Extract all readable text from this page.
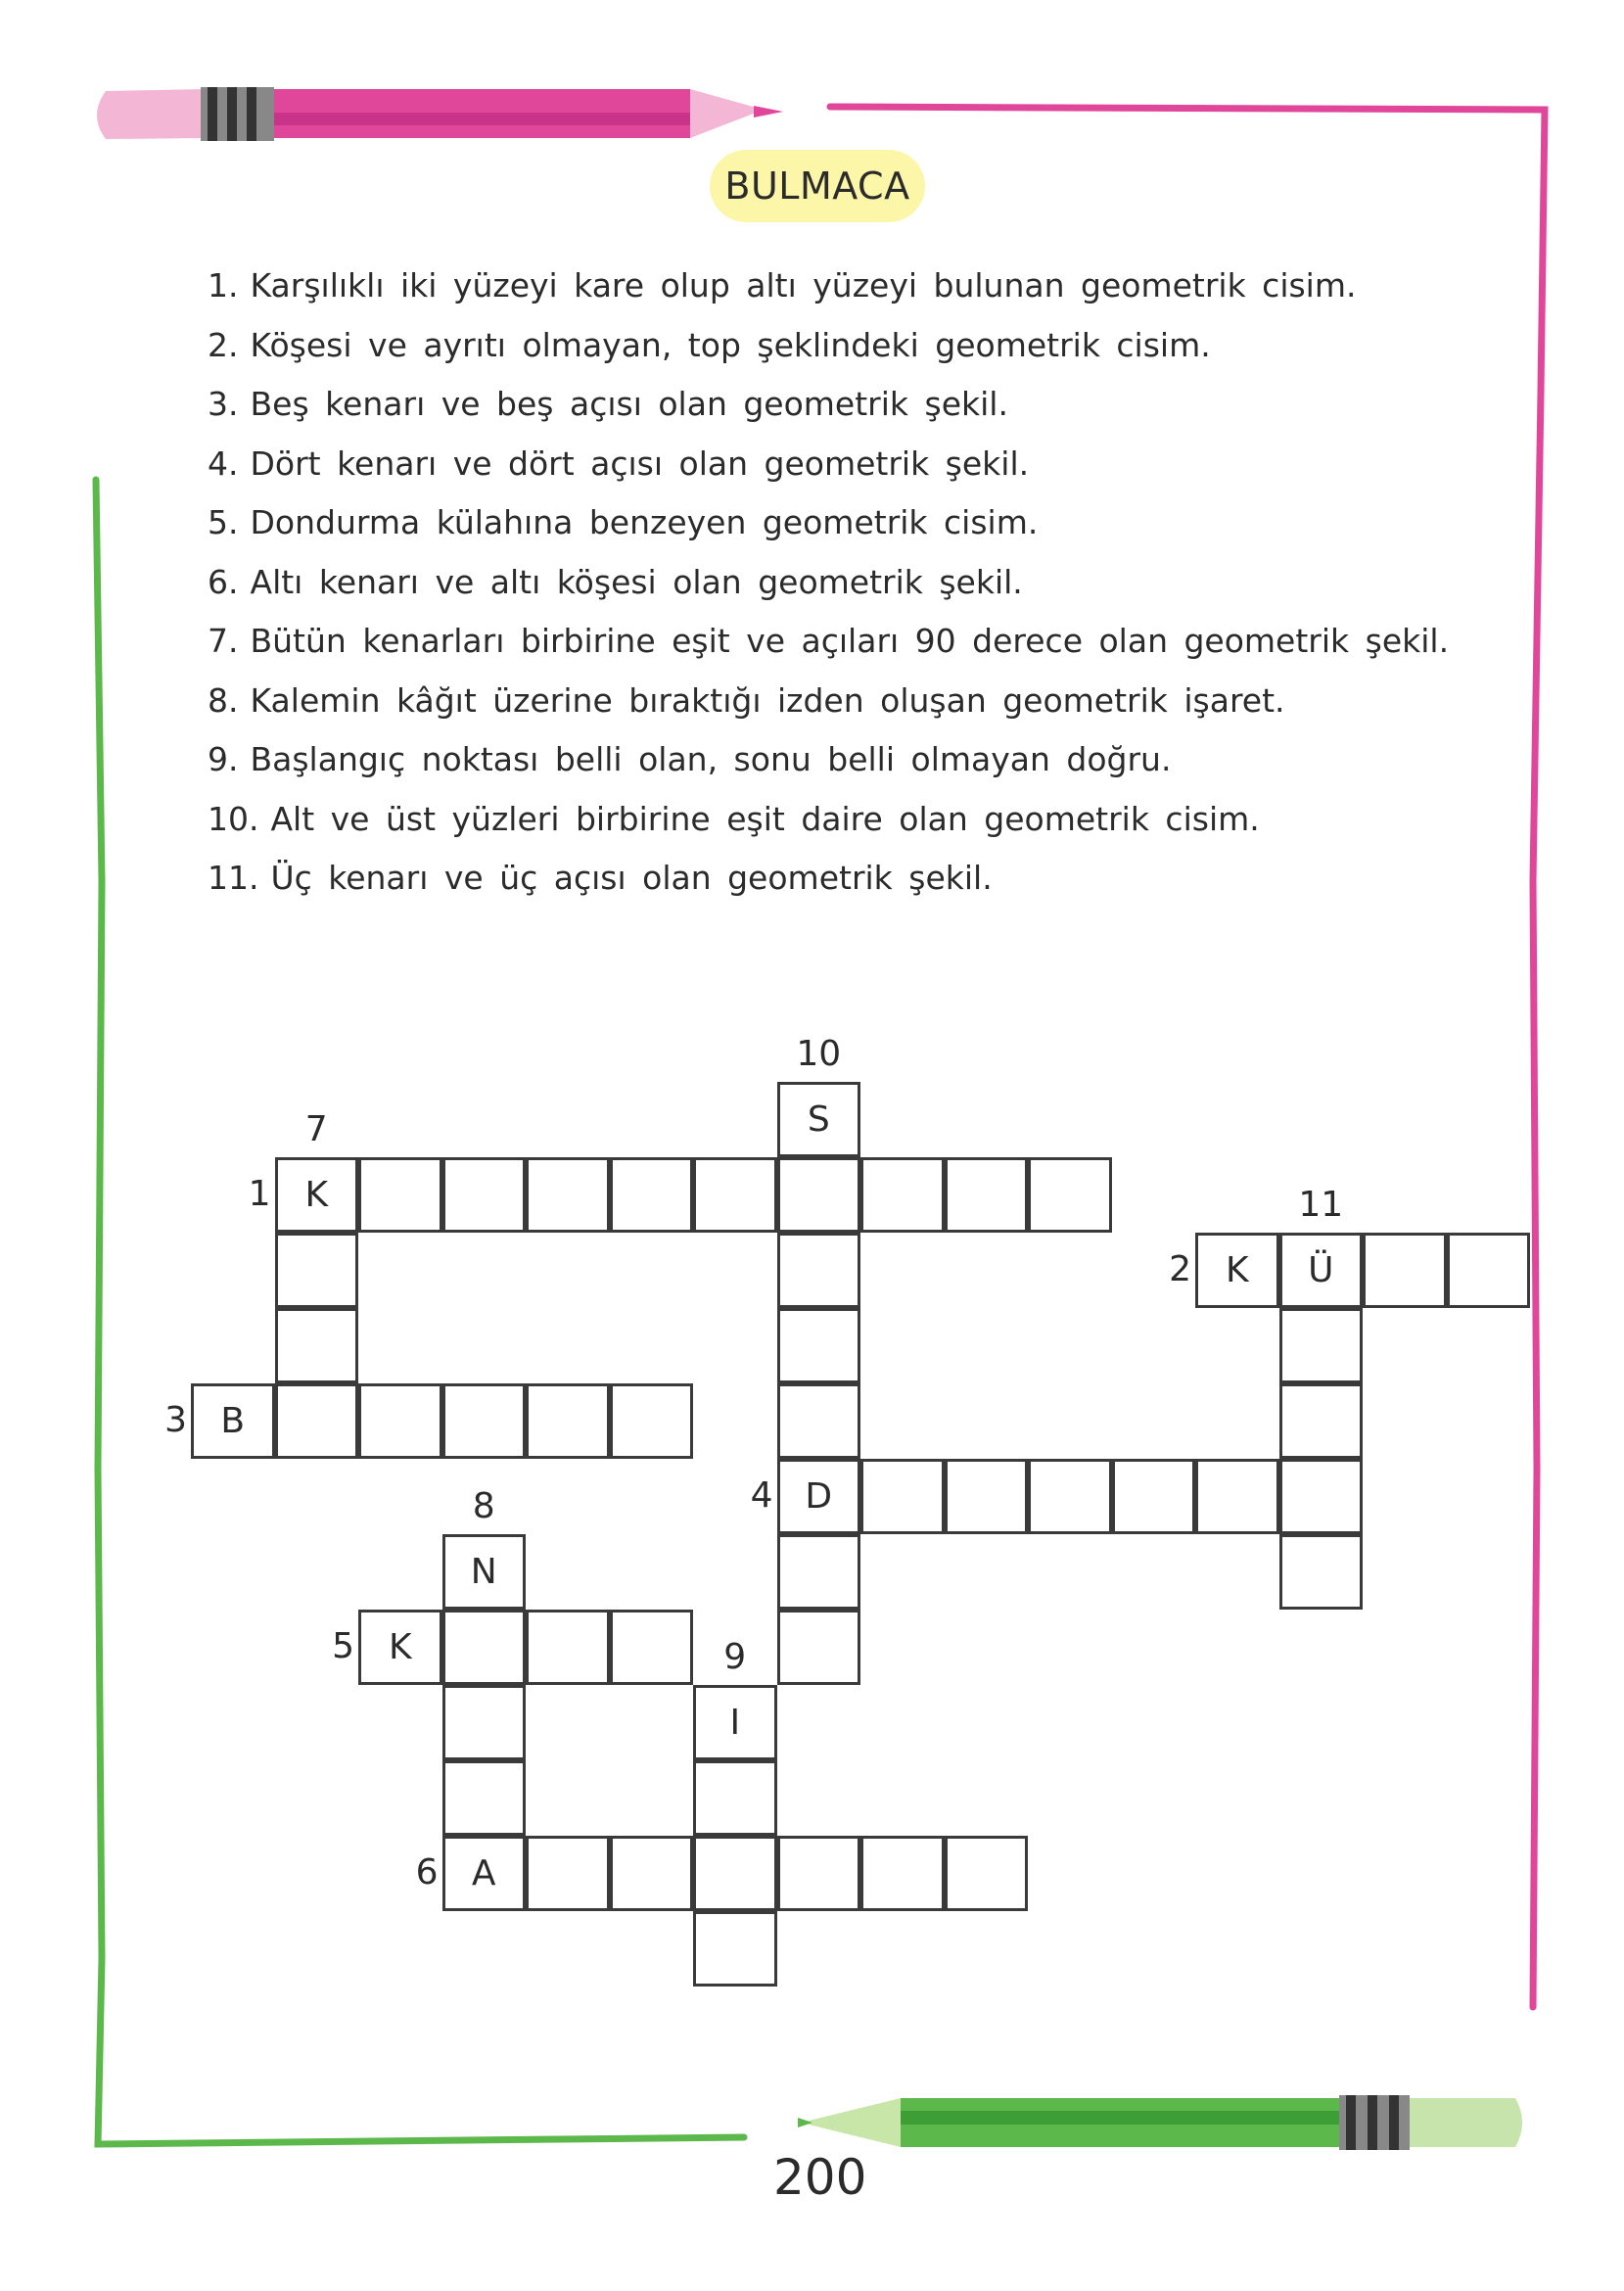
BULMACA
1. Karşılıklı iki yüzeyi kare olup altı yüzeyi bulunan geometrik cisim.
2. Köşesi ve ayrıtı olmayan, top şeklindeki geometrik cisim.
3. Beş kenarı ve beş açısı olan geometrik şekil.
4. Dört kenarı ve dört açısı olan geometrik şekil.
5. Dondurma külahına benzeyen geometrik cisim.
6. Altı kenarı ve altı köşesi olan geometrik şekil.
7. Bütün kenarları birbirine eşit ve açıları 90 derece olan geometrik şekil.
8. Kalemin kâğıt üzerine bıraktığı izden oluşan geometrik işaret.
9. Başlangıç noktası belli olan, sonu belli olmayan doğru.
10. Alt ve üst yüzleri birbirine eşit daire olan geometrik cisim.
11. Üç kenarı ve üç açısı olan geometrik şekil.
K
K	Ü
B
D
K
A
N
I
S
1
2
3
4
5
6
7
8
9
10
11
200
